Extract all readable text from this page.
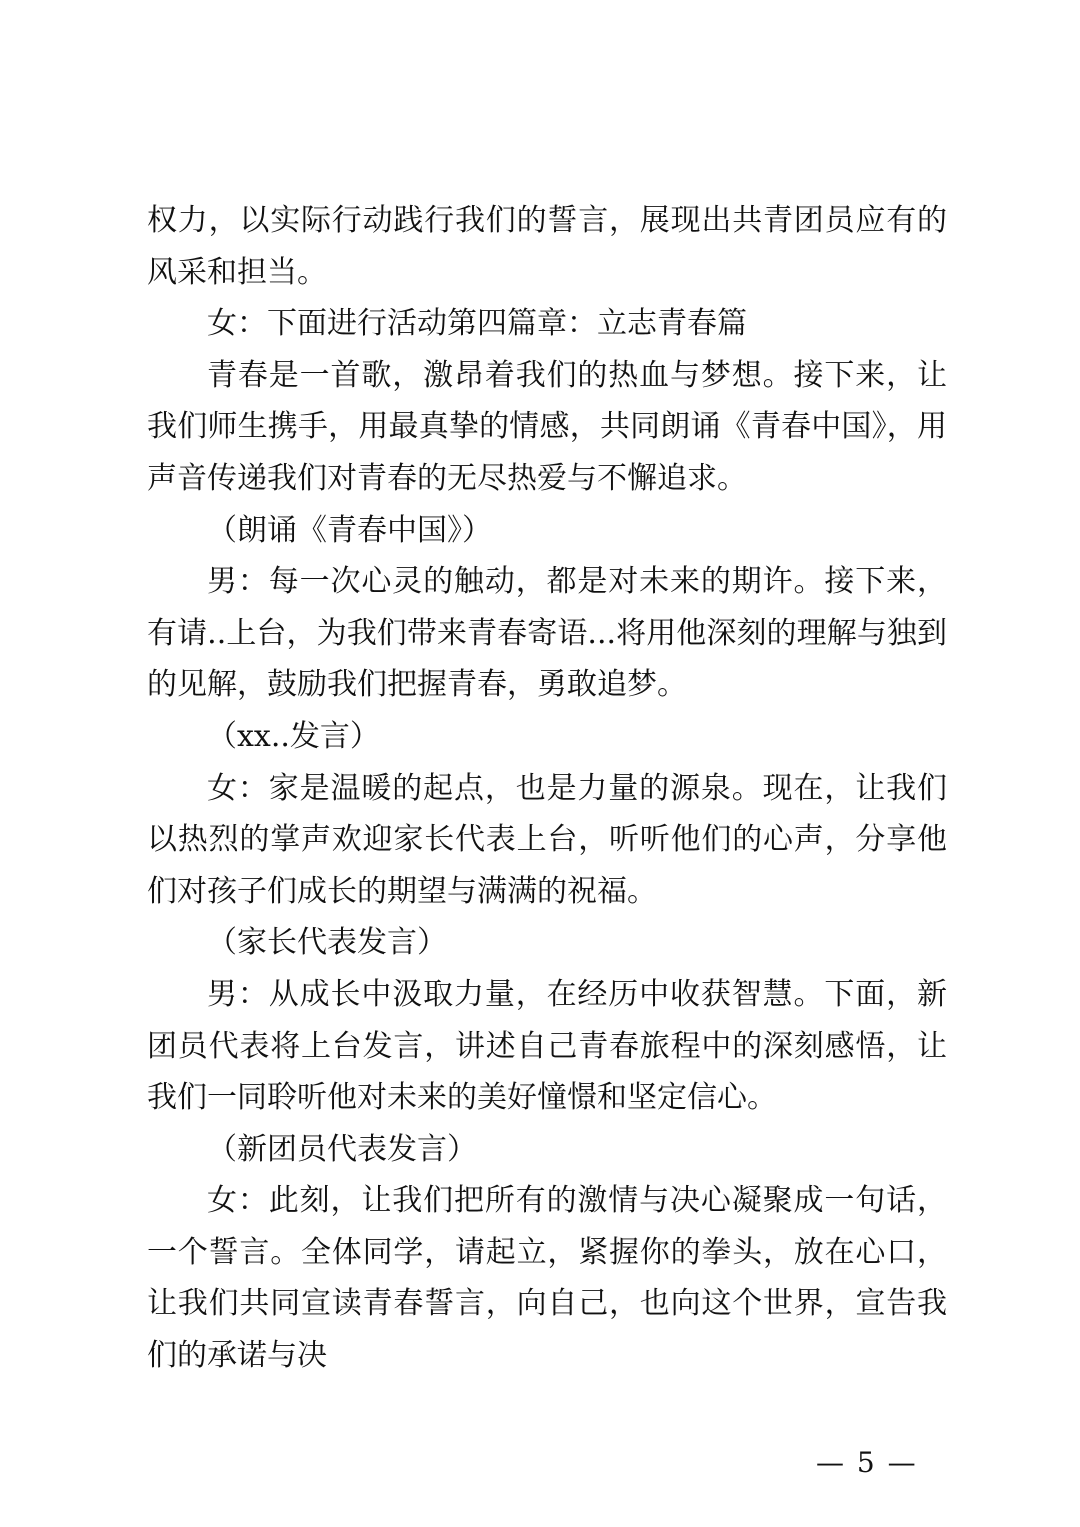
权力，以实际行动践行我们的誓言，展现出共青团员应有的风采和担当。

女：下面进行活动第四篇章：立志青春篇

青春是一首歌，激昂着我们的热血与梦想。接下来，让我们师生携手，用最真挚的情感，共同朗诵《青春中国》，用声音传递我们对青春的无尽热爱与不懈追求。

（朗诵《青春中国》）

男：每一次心灵的触动，都是对未来的期许。接下来，有请..上台，为我们带来青春寄语...将用他深刻的理解与独到的见解，鼓励我们把握青春，勇敢追梦。

（xx..发言）

女：家是温暖的起点，也是力量的源泉。现在，让我们以热烈的掌声欢迎家长代表上台，听听他们的心声，分享他们对孩子们成长的期望与满满的祝福。

（家长代表发言）

男：从成长中汲取力量，在经历中收获智慧。下面，新团员代表将上台发言，讲述自己青春旅程中的深刻感悟，让我们一同聆听他对未来的美好憧憬和坚定信心。

（新团员代表发言）

女：此刻，让我们把所有的激情与决心凝聚成一句话，一个誓言。全体同学，请起立，紧握你的拳头，放在心口，让我们共同宣读青春誓言，向自己，也向这个世界，宣告我们的承诺与决

— 5 —
